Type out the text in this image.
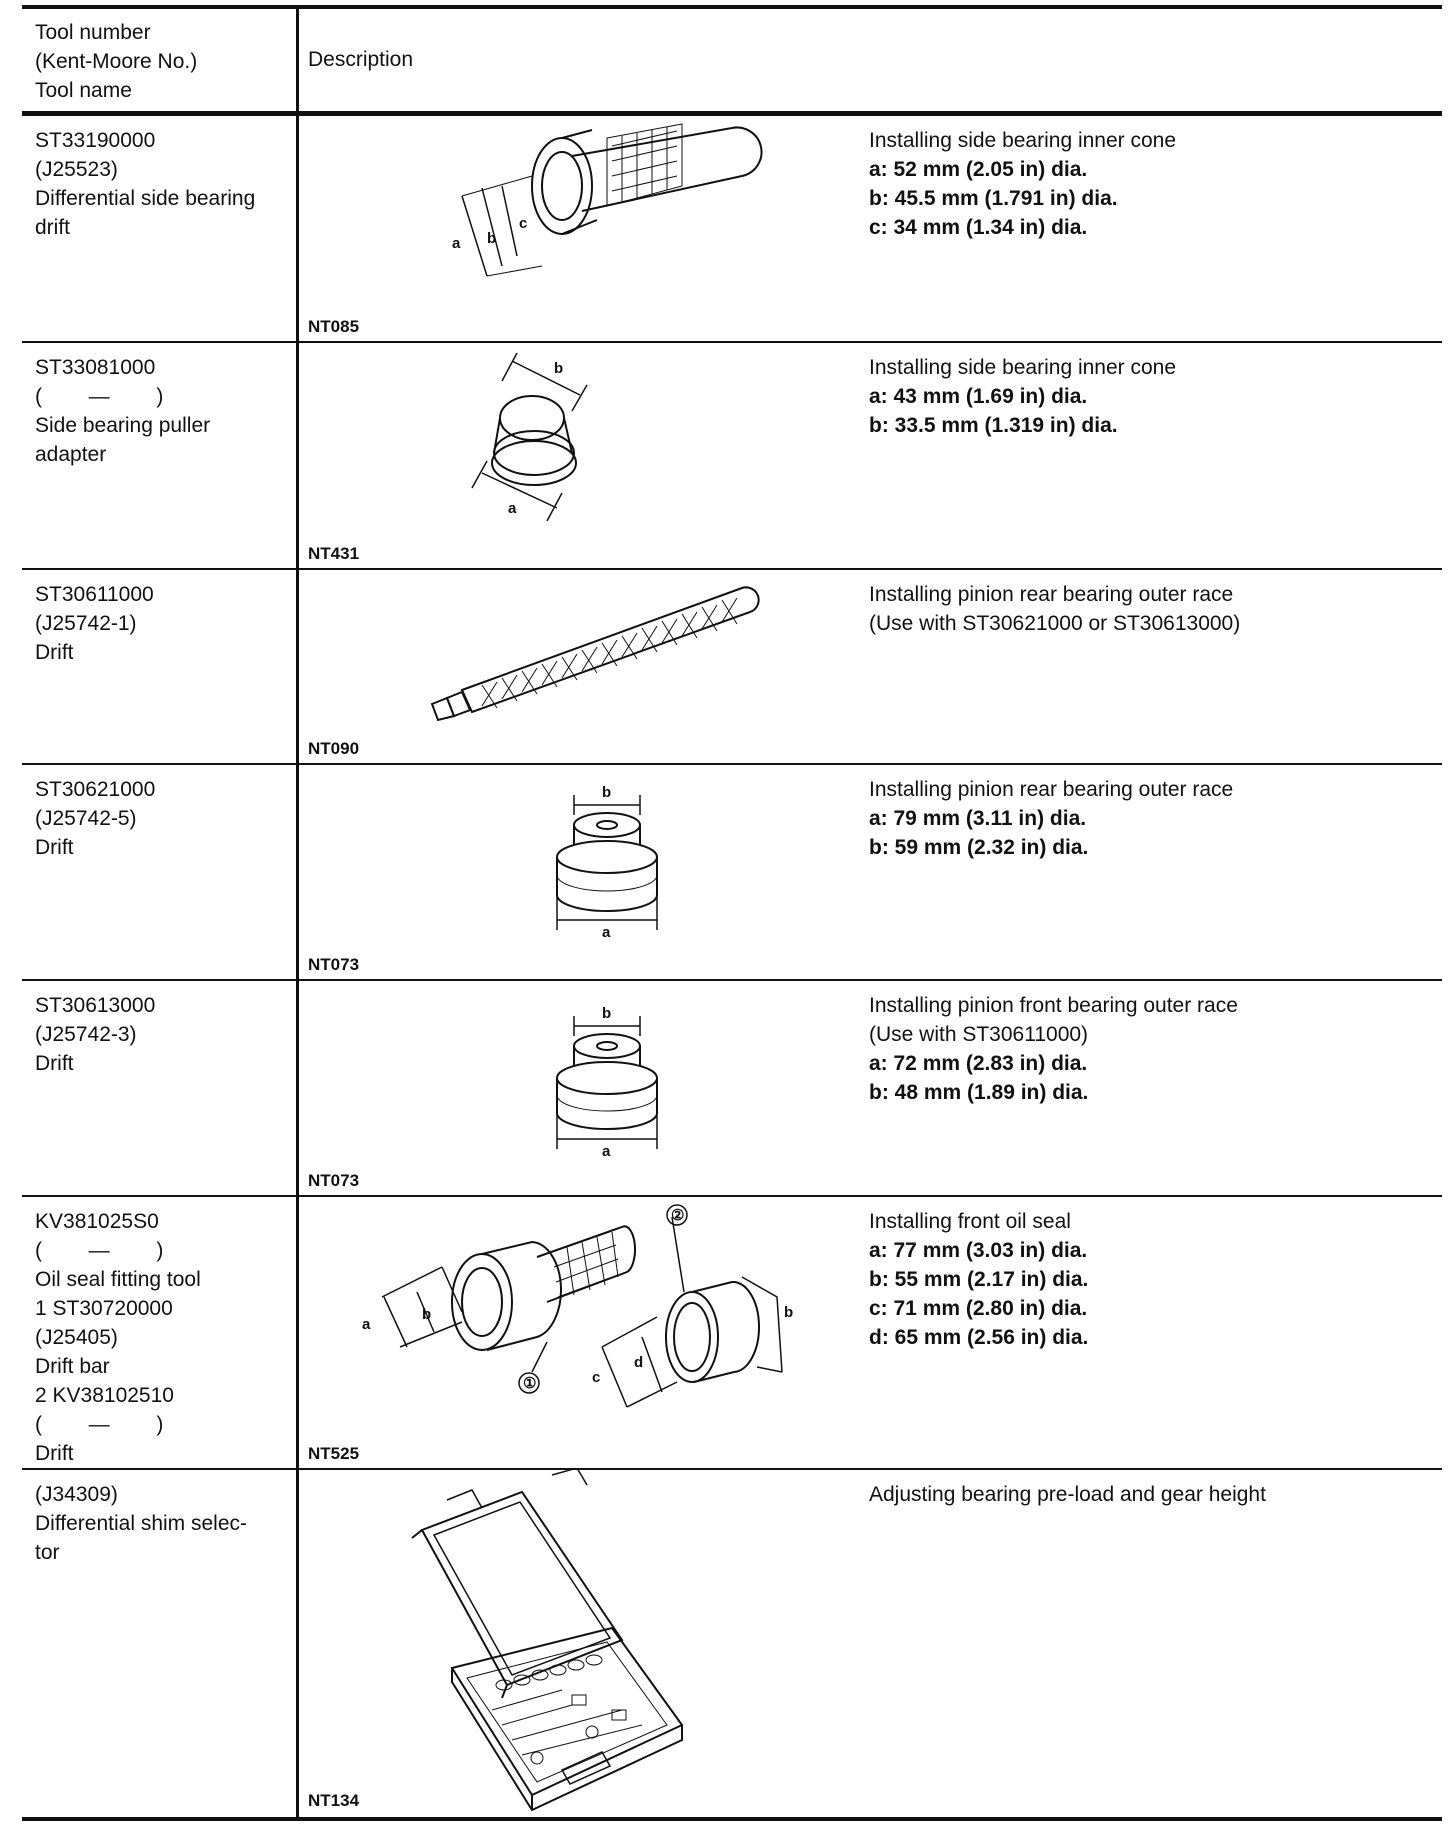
Tool number
(Kent-Moore No.)
Tool name
Description
ST33190000
(J25523)
Differential side bearing
drift
a b
c
NT085
Installing side bearing inner cone
a: 52 mm (2.05 in) dia.
b: 45.5 mm (1.791 in) dia.
c: 34 mm (1.34 in) dia.
ST33081000
(        —        )
Side bearing puller
adapter
b
a
NT431
Installing side bearing inner cone
a: 43 mm (1.69 in) dia.
b: 33.5 mm (1.319 in) dia.
ST30611000
(J25742-1)
Drift
NT090
Installing pinion rear bearing outer race
(Use with ST30621000 or ST30613000)
ST30621000
(J25742-5)
Drift
b
a
NT073
Installing pinion rear bearing outer race
a: 79 mm (3.11 in) dia.
b: 59 mm (2.32 in) dia.
ST30613000
(J25742-3)
Drift
b
a
NT073
Installing pinion front bearing outer race
(Use with ST30611000)
a: 72 mm (2.83 in) dia.
b: 48 mm (1.89 in) dia.
KV381025S0
(        —        )
Oil seal fitting tool
1 ST30720000
(J25405)
Drift bar
2 KV38102510
(        —        )
Drift
a
b
①
②
c
d
b
NT525
Installing front oil seal
a: 77 mm (3.03 in) dia.
b: 55 mm (2.17 in) dia.
c: 71 mm (2.80 in) dia.
d: 65 mm (2.56 in) dia.
(J34309)
Differential shim selec-
tor
NT134
Adjusting bearing pre-load and gear height
